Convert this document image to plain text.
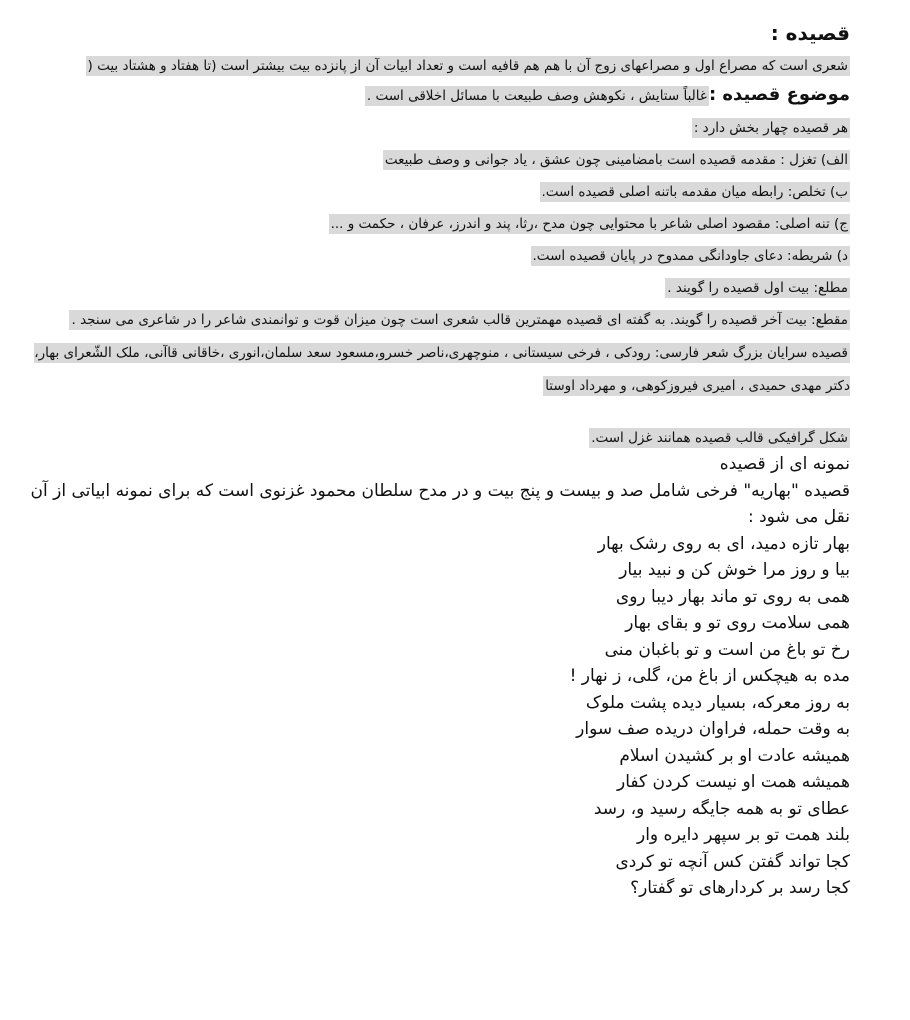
قصیده :
شعری است که مصراع اول و مصراعهای زوج آن با هم هم قافیه است و تعداد ابیات آن از پانزده بیت بیشتر است (تا هفتاد و هشتاد بیت (
موضوع قصیده :غالباً ستایش ، نکوهش وصف طبیعت با مسائل اخلاقی است .
هر قصیده چهار بخش دارد :
الف) تغزل : مقدمه قصیده است بامضامینی چون عشق ، یاد جوانی و وصف طبیعت
ب) تخلص: رابطه میان مقدمه باتنه اصلی قصیده است.
ج) تنه اصلی: مقصود اصلی شاعر با محتوایی چون مدح ،رثا، پند و اندرز، عرفان ، حکمت و ...
د) شریطه: دعای جاودانگی ممدوح در پایان قصیده است.
مطلع: بیت اول قصیده را گویند .
مقطع: بیت آخر قصیده را گویند. به گفته ای قصیده مهمترین قالب شعری است چون میزان قوت و توانمندی شاعر را در شاعری می سنجد .
قصیده سرایان بزرگ شعر فارسی: رودکی ، فرخی سیستانی ، منوچهری،ناصر خسرو،مسعود سعد سلمان،انوری ،خاقانی قاآنی، ملک الشّعرای بهار، دکتر مهدی حمیدی ، امیری فیروزکوهی، و مهرداد اوستا
شکل گرافیکی قالب قصیده همانند غزل است.
نمونه ای از قصیده
قصیده "بهاریه" فرخی شامل صد و بیست و پنج بیت و در مدح سلطان محمود غزنوی است که برای نمونه ابیاتی از آن نقل می شود :
بهار تازه دمید، ای به روی رشک بهار
بیا و روز مرا خوش کن و نبید بیار
همی به روی تو ماند بهار دیبا روی
همی سلامت روی تو و بقای بهار
رخ تو باغ من است و تو باغبان منی
مده به هیچکس از باغ من، گلی، ز نهار !
به روز معرکه، بسیار دیده پشت ملوک
به وقت حمله، فراوان دریده صف سوار
همیشه عادت او بر کشیدن اسلام
همیشه همت او نیست کردن کفار
عطای تو به همه جایگه رسید و، رسد
بلند همت تو بر سپهر دایره وار
کجا تواند گفتن کس آنچه تو کردی
کجا رسد بر کردارهای تو گفتار؟
